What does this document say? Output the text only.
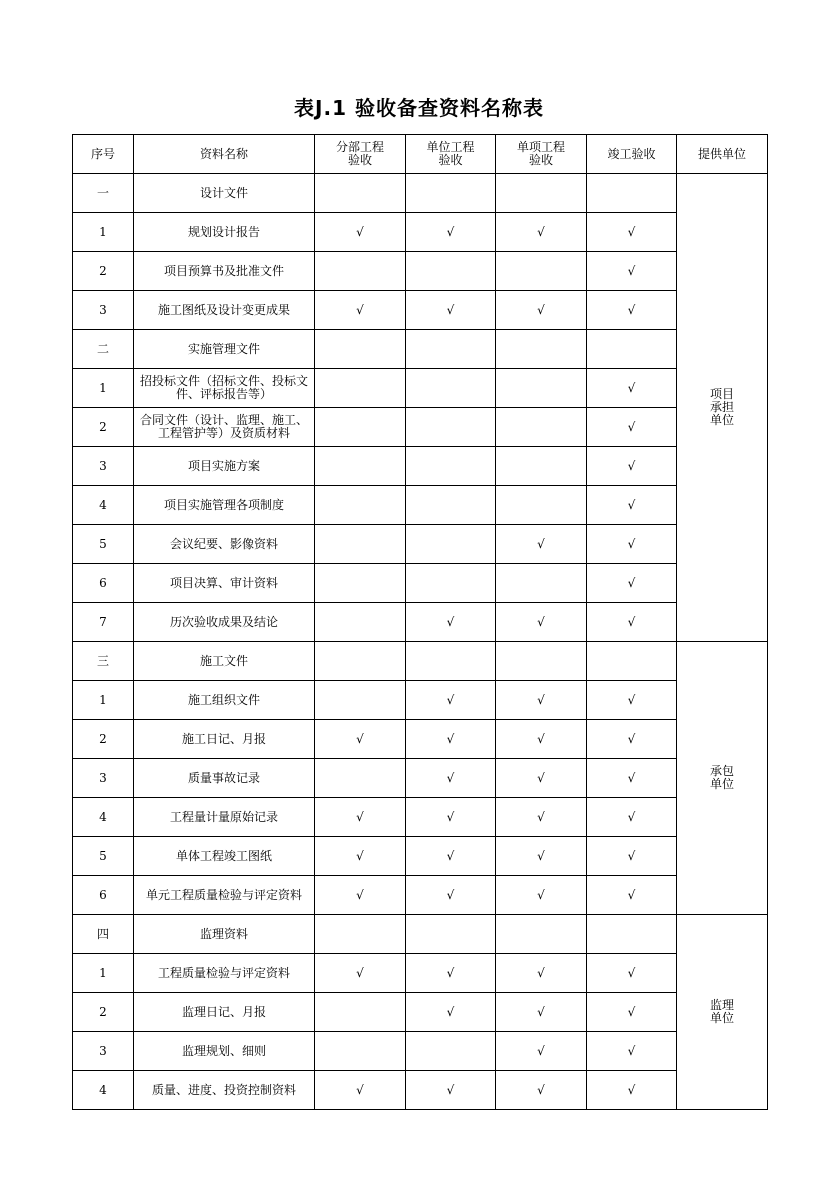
表J.1 验收备查资料名称表
序号	资料名称	分部工程验收	单位工程验收	单项工程验收	竣工验收	提供单位
一	设计文件					项目承担单位
1	规划设计报告	√	√	√	√	
2	项目预算书及批准文件				√	
3	施工图纸及设计变更成果	√	√	√	√	
二	实施管理文件					
1	招投标文件（招标文件、投标文件、评标报告等）				√	
2	合同文件（设计、监理、施工、工程管护等）及资质材料				√	
3	项目实施方案				√	
4	项目实施管理各项制度				√	
5	会议纪要、影像资料			√	√	
6	项目决算、审计资料				√	
7	历次验收成果及结论		√	√	√	
三	施工文件					承包单位
1	施工组织文件		√	√	√	
2	施工日记、月报	√	√	√	√	
3	质量事故记录		√	√	√	
4	工程量计量原始记录	√	√	√	√	
5	单体工程竣工图纸	√	√	√	√	
6	单元工程质量检验与评定资料	√	√	√	√	
四	监理资料					监理单位
1	工程质量检验与评定资料	√	√	√	√	
2	监理日记、月报		√	√	√	
3	监理规划、细则			√	√	
4	质量、进度、投资控制资料	√	√	√	√	
